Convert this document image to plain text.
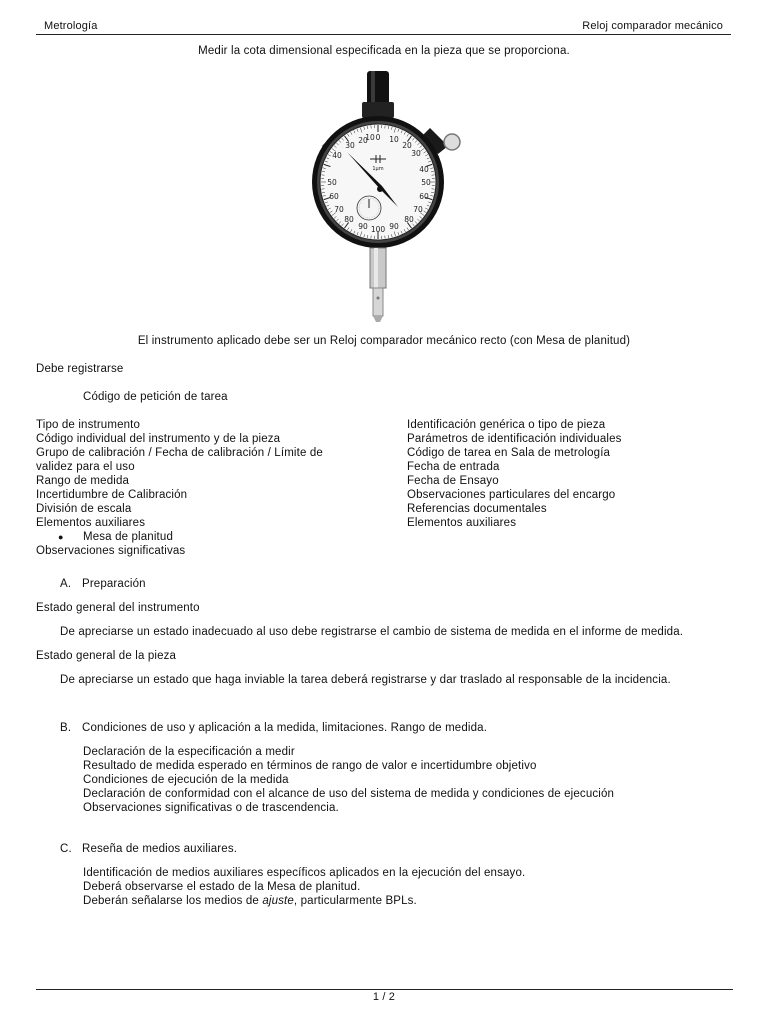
Metrología	Reloj comparador mecánico
Medir la cota dimensional especificada en la pieza que se proporciona.
30
20
10 0 10
20
30
40
50
60
70
80
90
40
50
60
70
80
90
100
1µm
El instrumento aplicado debe ser un Reloj comparador mecánico recto (con Mesa de planitud)
Debe registrarse
Código de petición de tarea
Tipo de instrumento
Código individual del instrumento y de la pieza
Grupo de calibración / Fecha de calibración / Límite de
validez para el uso
Rango de medida
Incertidumbre de Calibración
División de escala
Elementos auxiliares
● Mesa de planitud
Observaciones significativas
Identificación genérica o tipo de pieza
Parámetros de identificación individuales
Código de tarea en Sala de metrología
Fecha de entrada
Fecha de Ensayo
Observaciones particulares del encargo
Referencias documentales
Elementos auxiliares
A. Preparación
Estado general del instrumento
De apreciarse un estado inadecuado al uso debe registrarse el cambio de sistema de medida en el informe de medida.
Estado general de la pieza
De apreciarse un estado que haga inviable la tarea deberá registrarse y dar traslado al responsable de la incidencia.
B. Condiciones de uso y aplicación a la medida, limitaciones. Rango de medida.
Declaración de la especificación a medir
Resultado de medida esperado en términos de rango de valor e incertidumbre objetivo
Condiciones de ejecución de la medida
Declaración de conformidad con el alcance de uso del sistema de medida y condiciones de ejecución
Observaciones significativas o de trascendencia.
C. Reseña de medios auxiliares.
Identificación de medios auxiliares específicos aplicados en la ejecución del ensayo.
Deberá observarse el estado de la Mesa de planitud.
Deberán señalarse los medios de ajuste, particularmente BPLs.
1 / 2
